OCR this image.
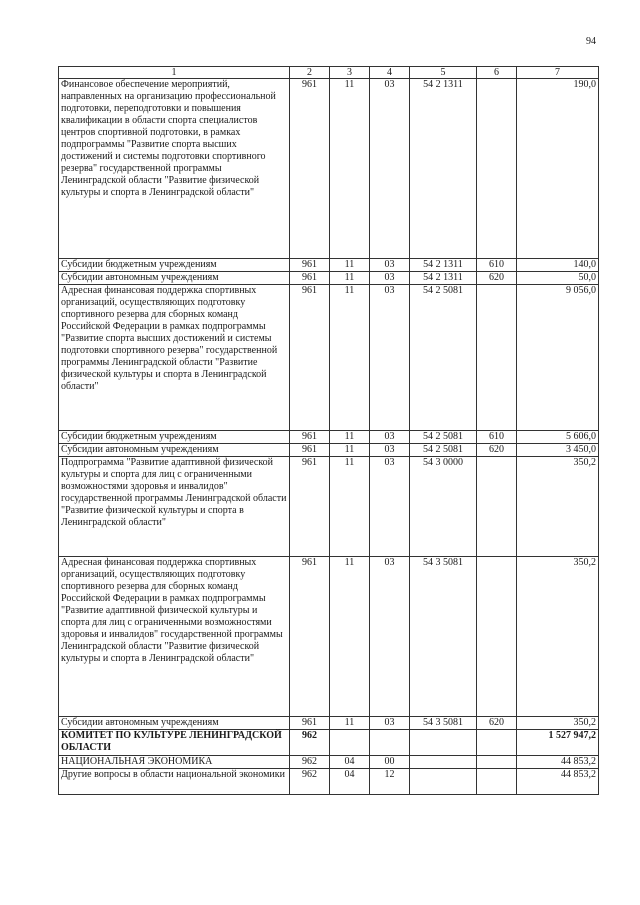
94
1	2	3	4	5	6	7
Финансовое обеспечение мероприятий, направленных на организацию профессиональной подготовки, переподготовки и повышения квалификации в области спорта специалистов центров спортивной подготовки, в рамках подпрограммы "Развитие спорта высших достижений и системы подготовки спортивного резерва" государственной программы Ленинградской области "Развитие физической культуры и спорта в Ленинградской области"	961	11	03	54 2 1311		190,0
Субсидии бюджетным учреждениям	961	11	03	54 2 1311	610	140,0
Субсидии автономным учреждениям	961	11	03	54 2 1311	620	50,0
Адресная финансовая поддержка спортивных организаций, осуществляющих подготовку спортивного резерва для сборных команд Российской Федерации в рамках подпрограммы "Развитие спорта высших достижений и системы подготовки спортивного резерва" государственной программы Ленинградской области "Развитие физической культуры и спорта в Ленинградской области"	961	11	03	54 2 5081		9 056,0
Субсидии бюджетным учреждениям	961	11	03	54 2 5081	610	5 606,0
Субсидии автономным учреждениям	961	11	03	54 2 5081	620	3 450,0
Подпрограмма "Развитие адаптивной физической культуры и спорта для лиц с ограниченными возможностями здоровья и инвалидов" государственной программы Ленинградской области "Развитие физической культуры и спорта в Ленинградской области"	961	11	03	54 3 0000		350,2
Адресная финансовая поддержка спортивных организаций, осуществляющих подготовку спортивного резерва для сборных команд Российской Федерации в рамках подпрограммы "Развитие адаптивной физической культуры и спорта для лиц с ограниченными возможностями здоровья и инвалидов" государственной программы Ленинградской области "Развитие физической культуры и спорта в Ленинградской области"	961	11	03	54 3 5081		350,2
Субсидии автономным учреждениям	961	11	03	54 3 5081	620	350,2
КОМИТЕТ ПО КУЛЬТУРЕ ЛЕНИНГРАДСКОЙ ОБЛАСТИ	962					1 527 947,2
НАЦИОНАЛЬНАЯ ЭКОНОМИКА	962	04	00			44 853,2
Другие вопросы в области национальной экономики	962	04	12			44 853,2
